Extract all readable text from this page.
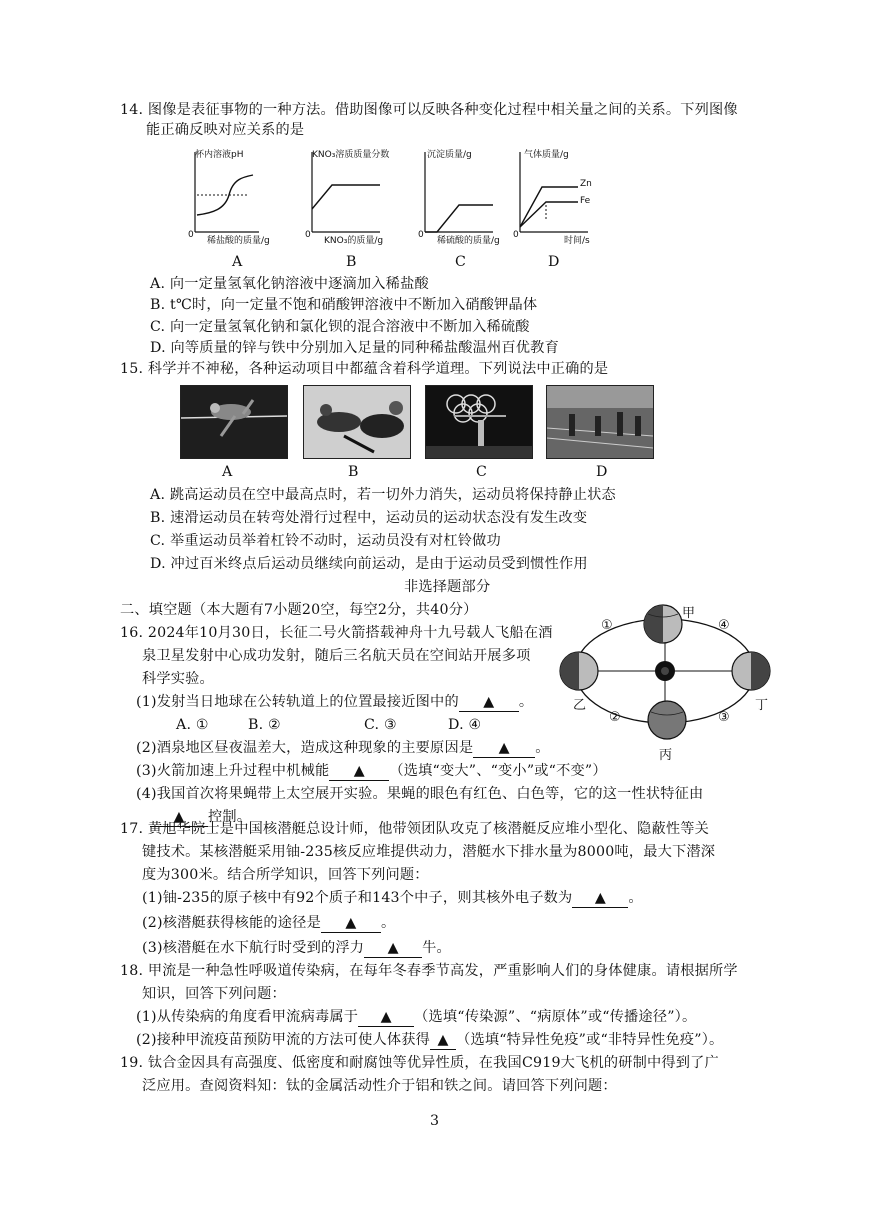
14. 图像是表征事物的一种方法。借助图像可以反映各种变化过程中相关量之间的关系。下列图像
能正确反映对应关系的是
杯内溶液pH
0
稀盐酸的质量/g
A
KNO₃溶质质量分数
0
KNO₃的质量/g
B
沉淀质量/g
0
稀硫酸的质量/g
C
气体质量/g
0
时间/s
Zn
Fe
D
A. 向一定量氢氧化钠溶液中逐滴加入稀盐酸
B. t℃时，向一定量不饱和硝酸钾溶液中不断加入硝酸钾晶体
C. 向一定量氢氧化钠和氯化钡的混合溶液中不断加入稀硫酸
D. 向等质量的锌与铁中分别加入足量的同种稀盐酸温州百优教育
15. 科学并不神秘，各种运动项目中都蕴含着科学道理。下列说法中正确的是
A	B	C	D
A. 跳高运动员在空中最高点时，若一切外力消失，运动员将保持静止状态
B. 速滑运动员在转弯处滑行过程中，运动员的运动状态没有发生改变
C. 举重运动员举着杠铃不动时，运动员没有对杠铃做功
D. 冲过百米终点后运动员继续向前运动，是由于运动员受到惯性作用
非选择题部分
二、填空题（本大题有7小题20空，每空2分，共40分）
16. 2024年10月30日，长征二号火箭搭载神舟十九号载人飞船在酒
泉卫星发射中心成功发射，随后三名航天员在空间站开展多项
科学实验。
(1)发射当日地球在公转轨道上的位置最接近图中的 ▲ 。
A. ①	B. ②	C. ③	D. ④
(2)酒泉地区昼夜温差大，造成这种现象的主要原因是 ▲ 。
(3)火箭加速上升过程中机械能 ▲ （选填“变大”、“变小”或“不变”）
(4)我国首次将果蝇带上太空展开实验。果蝇的眼色有红色、白色等，它的这一性状特征由
▲ 控制。
甲
乙
丙
丁
①
②	③
④
17. 黄旭华院士是中国核潜艇总设计师，他带领团队攻克了核潜艇反应堆小型化、隐蔽性等关
键技术。某核潜艇采用铀-235核反应堆提供动力，潜艇水下排水量为8000吨，最大下潜深
度为300米。结合所学知识，回答下列问题：
(1)铀-235的原子核中有92个质子和143个中子，则其核外电子数为 ▲ 。
(2)核潜艇获得核能的途径是 ▲ 。
(3)核潜艇在水下航行时受到的浮力 ▲ 牛。
18. 甲流是一种急性呼吸道传染病，在每年冬春季节高发，严重影响人们的身体健康。请根据所学
知识，回答下列问题：
(1)从传染病的角度看甲流病毒属于 ▲ （选填“传染源”、“病原体”或“传播途径”）。
(2)接种甲流疫苗预防甲流的方法可使人体获得 ▲ （选填“特异性免疫”或“非特异性免疫”）。
19. 钛合金因具有高强度、低密度和耐腐蚀等优异性质，在我国C919大飞机的研制中得到了广
泛应用。查阅资料知：钛的金属活动性介于铝和铁之间。请回答下列问题：
3
